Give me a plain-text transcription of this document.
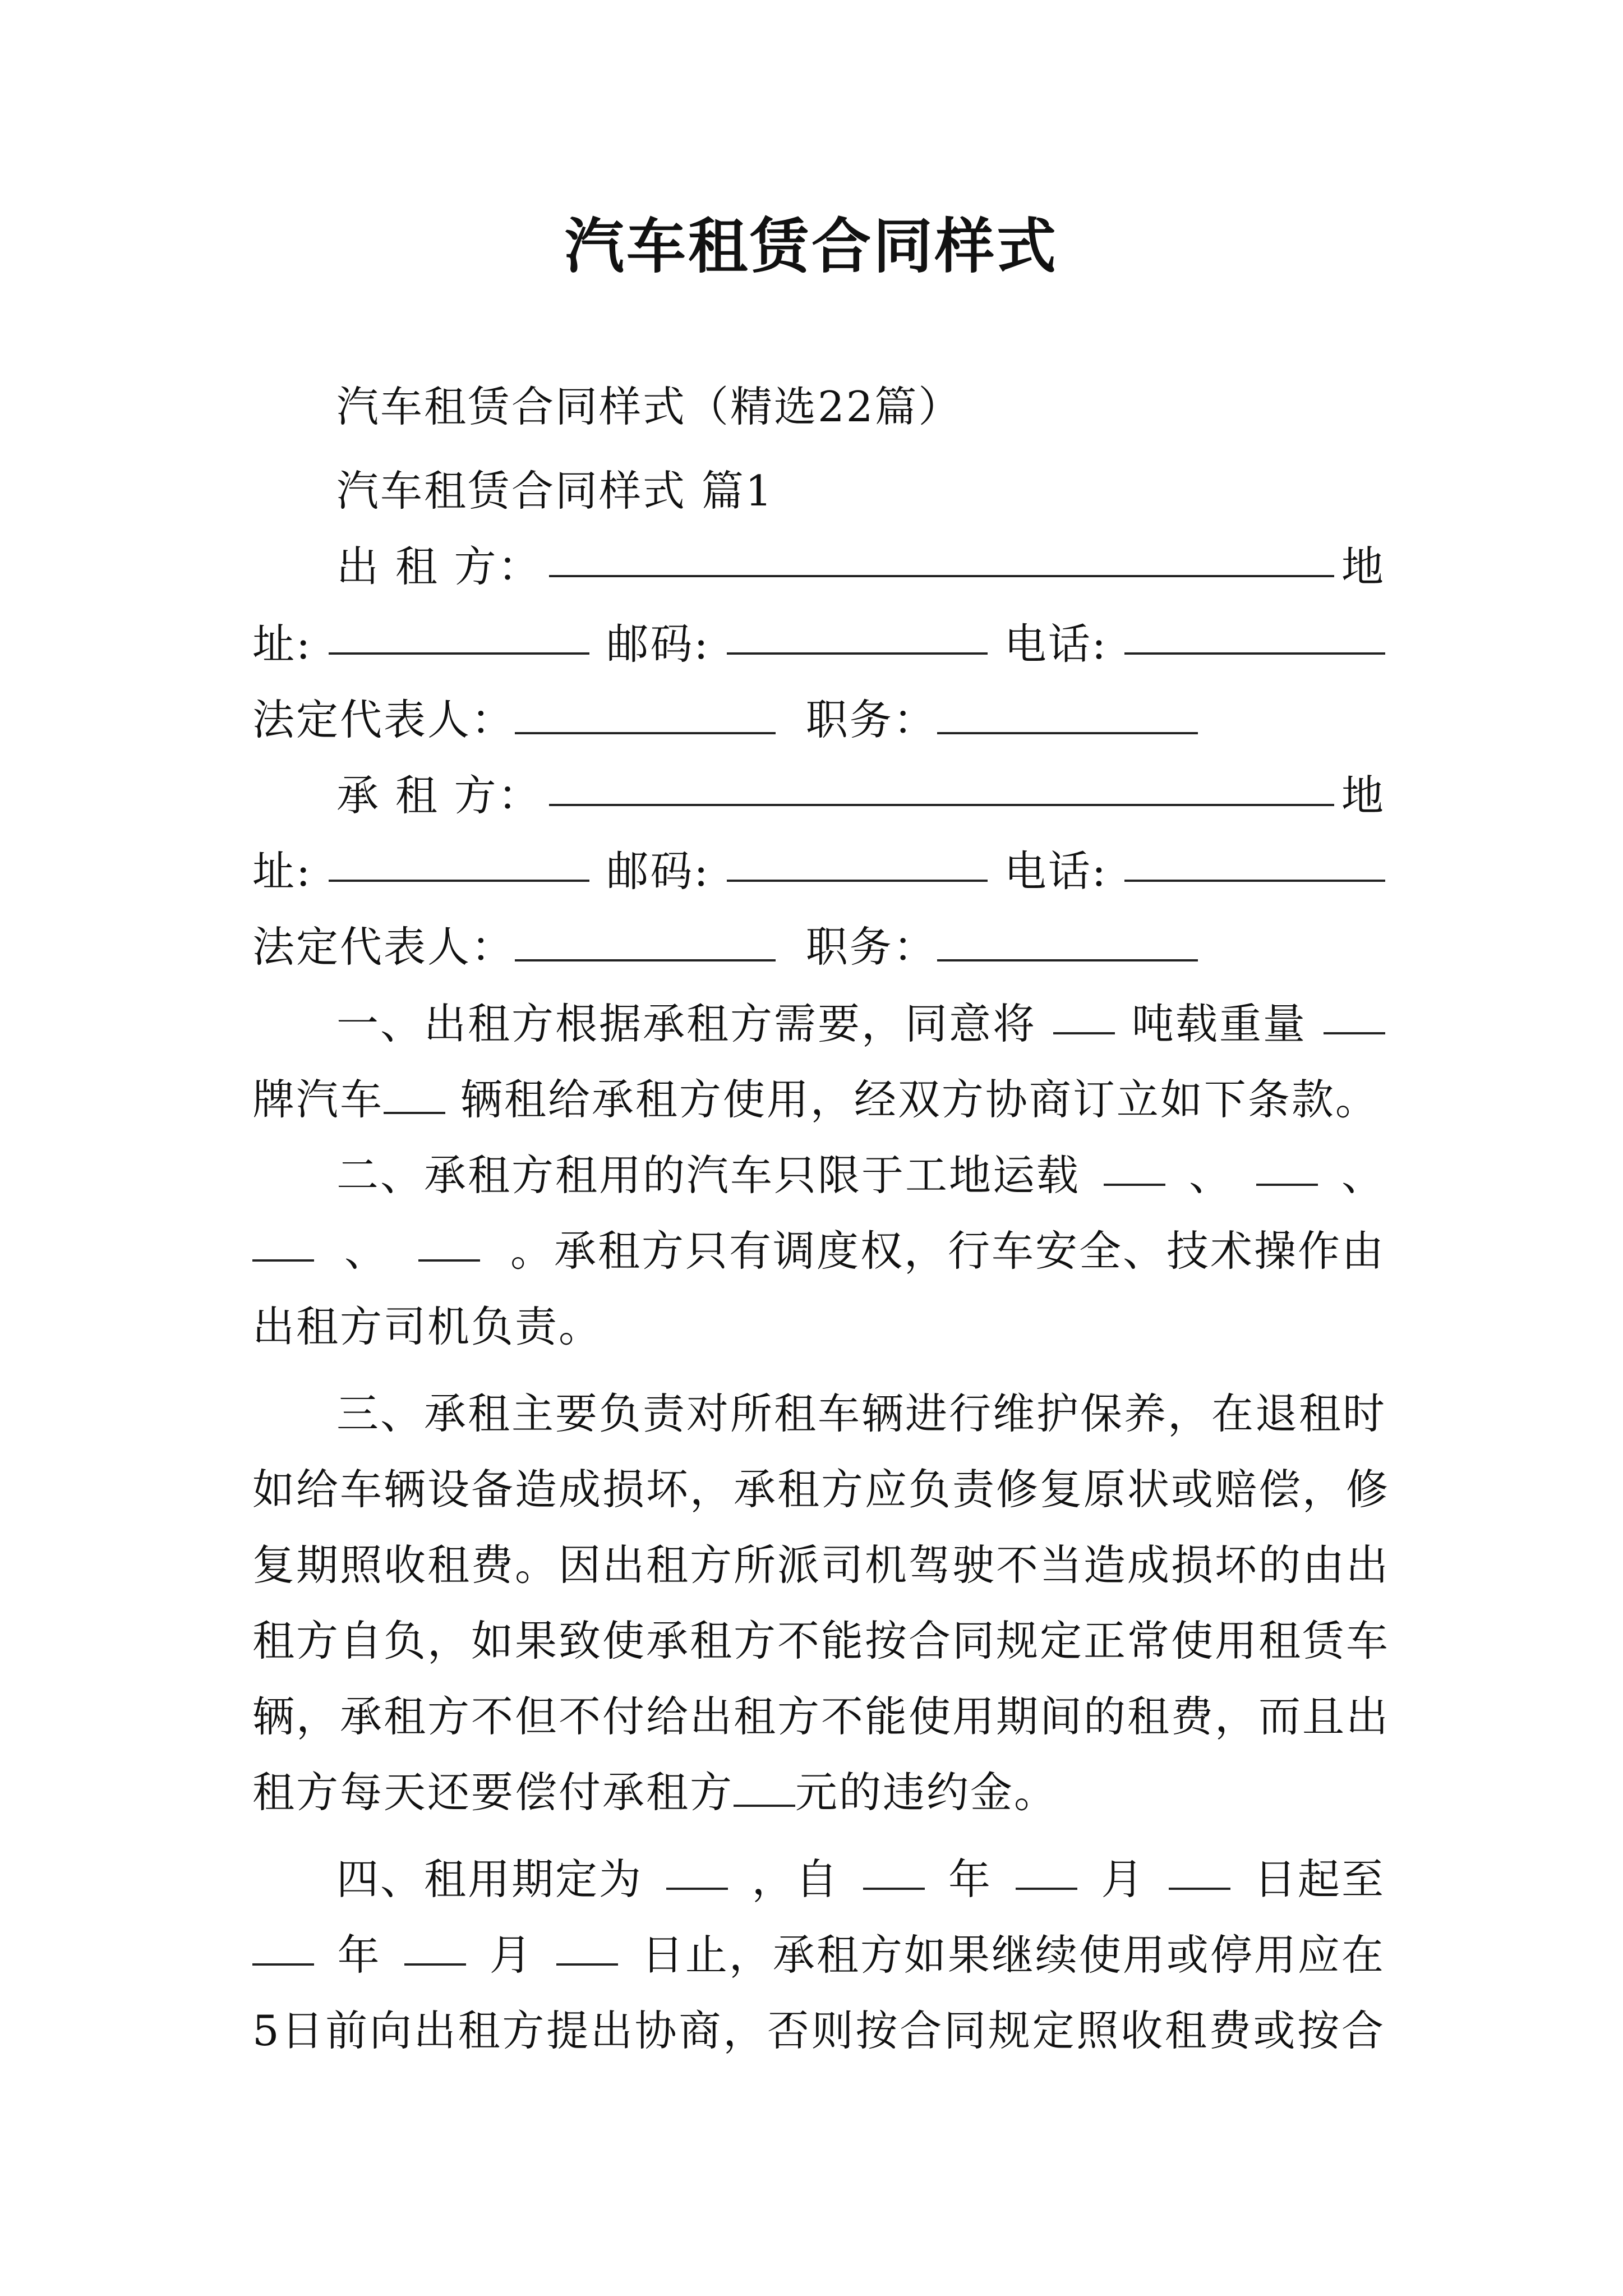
汽车租赁合同样式
汽车租赁合同样式（精选22篇）
汽车租赁合同样式 篇1
出 租 方：	地
址:	邮码:	电话:
法定代表人：	职务：
承 租 方：	地
址:	邮码:	电话:
法定代表人：	职务：
一、出租方根据承租方需要，同意将 吨载重量
牌汽车 辆租给承租方使用，经双方协商订立如下条款。
二、承租方租用的汽车只限于工地运载	、	、
、	。承租方只有调度权，行车安全、技术操作由
出租方司机负责。
三、承租主要负责对所租车辆进行维护保养，在退租时
如给车辆设备造成损坏，承租方应负责修复原状或赔偿，修
复期照收租费。因出租方所派司机驾驶不当造成损坏的由出
租方自负，如果致使承租方不能按合同规定正常使用租赁车
辆，承租方不但不付给出租方不能使用期间的租费，而且出
租方每天还要偿付承租方 元的违约金。
四、租用期定为	，自	年	月	日起至
年	月	日止，承租方如果继续使用或停用应在
5日前向出租方提出协商，否则按合同规定照收租费或按合
